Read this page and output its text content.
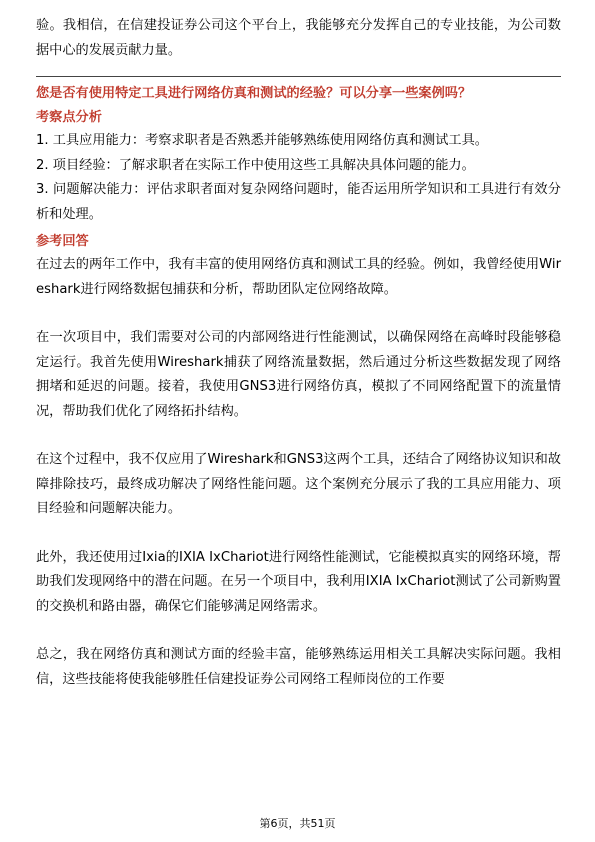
验。我相信，在信建投证券公司这个平台上，我能够充分发挥自己的专业技能，为公司数据中心的发展贡献力量。

您是否有使用特定工具进行网络仿真和测试的经验？可以分享一些案例吗？

考察点分析

1. 工具应用能力：考察求职者是否熟悉并能够熟练使用网络仿真和测试工具。

2. 项目经验：了解求职者在实际工作中使用这些工具解决具体问题的能力。

3. 问题解决能力：评估求职者面对复杂网络问题时，能否运用所学知识和工具进行有效分析和处理。

参考回答

在过去的两年工作中，我有丰富的使用网络仿真和测试工具的经验。例如，我曾经使用Wireshark进行网络数据包捕获和分析，帮助团队定位网络故障。

在一次项目中，我们需要对公司的内部网络进行性能测试，以确保网络在高峰时段能够稳定运行。我首先使用Wireshark捕获了网络流量数据，然后通过分析这些数据发现了网络拥堵和延迟的问题。接着，我使用GNS3进行网络仿真，模拟了不同网络配置下的流量情况，帮助我们优化了网络拓扑结构。

在这个过程中，我不仅应用了Wireshark和GNS3这两个工具，还结合了网络协议知识和故障排除技巧，最终成功解决了网络性能问题。这个案例充分展示了我的工具应用能力、项目经验和问题解决能力。

此外，我还使用过Ixia的IXIA IxChariot进行网络性能测试，它能模拟真实的网络环境，帮助我们发现网络中的潜在问题。在另一个项目中，我利用IXIA IxChariot测试了公司新购置的交换机和路由器，确保它们能够满足网络需求。

总之，我在网络仿真和测试方面的经验丰富，能够熟练运用相关工具解决实际问题。我相信，这些技能将使我能够胜任信建投证券公司网络工程师岗位的工作要

第6页，共51页
